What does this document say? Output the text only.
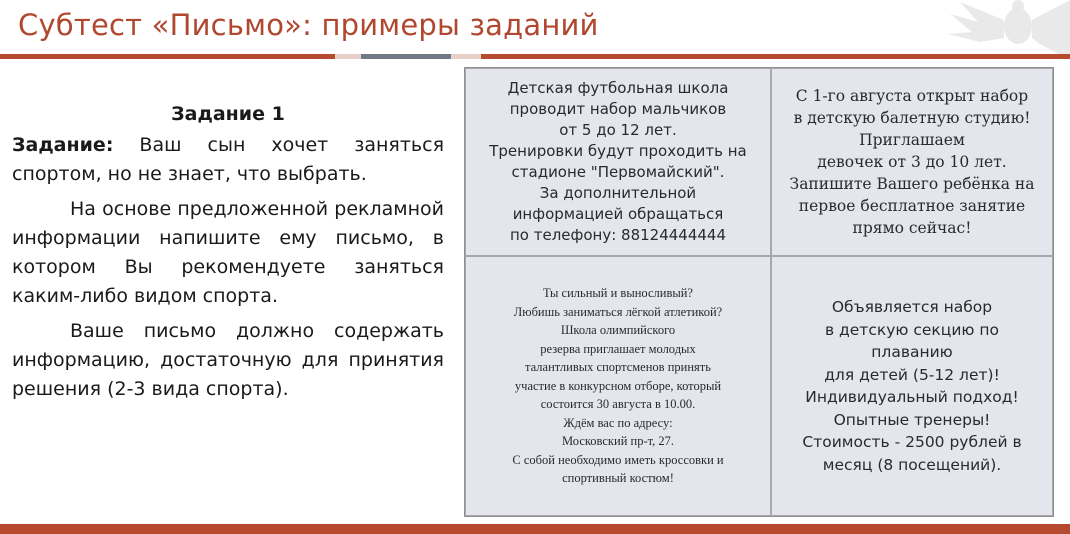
Субтест «Письмо»: примеры заданий
Задание 1

Задание: Ваш сын хочет заняться спортом, но не знает, что выбрать.

На основе предложенной рекламной информации напишите ему письмо, в котором Вы рекомендуете заняться каким-либо видом спорта.

Ваше письмо должно содержать информацию, достаточную для принятия решения (2-3 вида спорта).

Детская футбольная школа
проводит набор мальчиков
от 5 до 12 лет.
Тренировки будут проходить на
стадионе "Первомайский".
За дополнительной
информацией обращаться
по телефону: 88124444444
С 1-го августа открыт набор
в детскую балетную студию!
Приглашаем
девочек от 3 до 10 лет.
Запишите Вашего ребёнка на
первое бесплатное занятие
прямо сейчас!
Ты сильный и выносливый?
Любишь заниматься лёгкой атлетикой?
Школа олимпийского
резерва приглашает молодых
талантливых спортсменов принять
участие в конкурсном отборе, который
состоится 30 августа в 10.00.
Ждём вас по адресу:
Московский пр-т, 27.
С собой необходимо иметь кроссовки и
спортивный костюм!
Объявляется набор
в детскую секцию по
плаванию
для детей (5-12 лет)!
Индивидуальный подход!
Опытные тренеры!
Стоимость - 2500 рублей в
месяц (8 посещений).
